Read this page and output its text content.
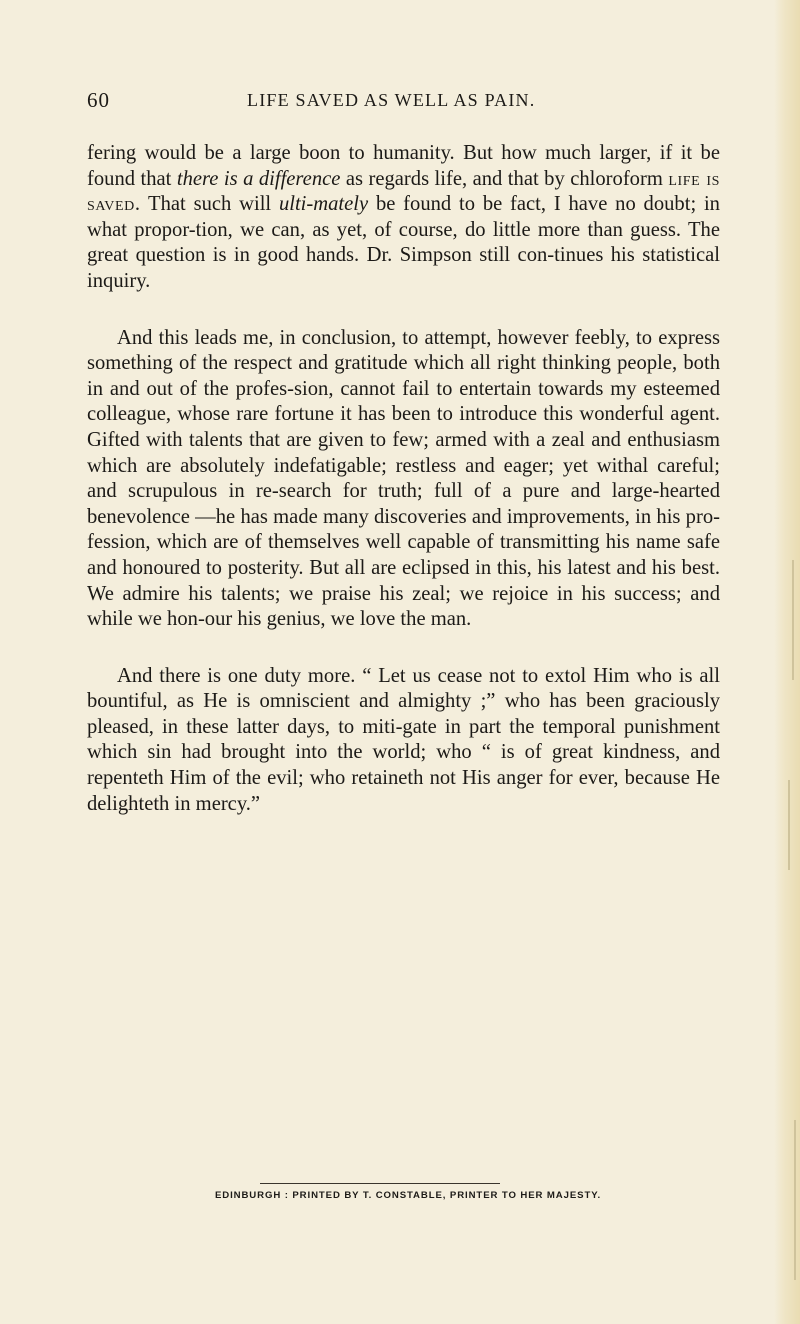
60	LIFE SAVED AS WELL AS PAIN.

fering would be a large boon to humanity. But how much larger, if it be found that there is a difference as regards life, and that by chloroform life is saved. That such will ulti-mately be found to be fact, I have no doubt; in what propor-tion, we can, as yet, of course, do little more than guess. The great question is in good hands. Dr. Simpson still con-tinues his statistical inquiry.

And this leads me, in conclusion, to attempt, however feebly, to express something of the respect and gratitude which all right thinking people, both in and out of the profes-sion, cannot fail to entertain towards my esteemed colleague, whose rare fortune it has been to introduce this wonderful agent. Gifted with talents that are given to few; armed with a zeal and enthusiasm which are absolutely indefatigable; restless and eager; yet withal careful; and scrupulous in re-search for truth; full of a pure and large-hearted benevolence —he has made many discoveries and improvements, in his pro-fession, which are of themselves well capable of transmitting his name safe and honoured to posterity. But all are eclipsed in this, his latest and his best. We admire his talents; we praise his zeal; we rejoice in his success; and while we hon-our his genius, we love the man.

And there is one duty more. “ Let us cease not to extol Him who is all bountiful, as He is omniscient and almighty ;” who has been graciously pleased, in these latter days, to miti-gate in part the temporal punishment which sin had brought into the world; who “ is of great kindness, and repenteth Him of the evil; who retaineth not His anger for ever, because He delighteth in mercy.”

EDINBURGH : PRINTED BY T. CONSTABLE, PRINTER TO HER MAJESTY.
